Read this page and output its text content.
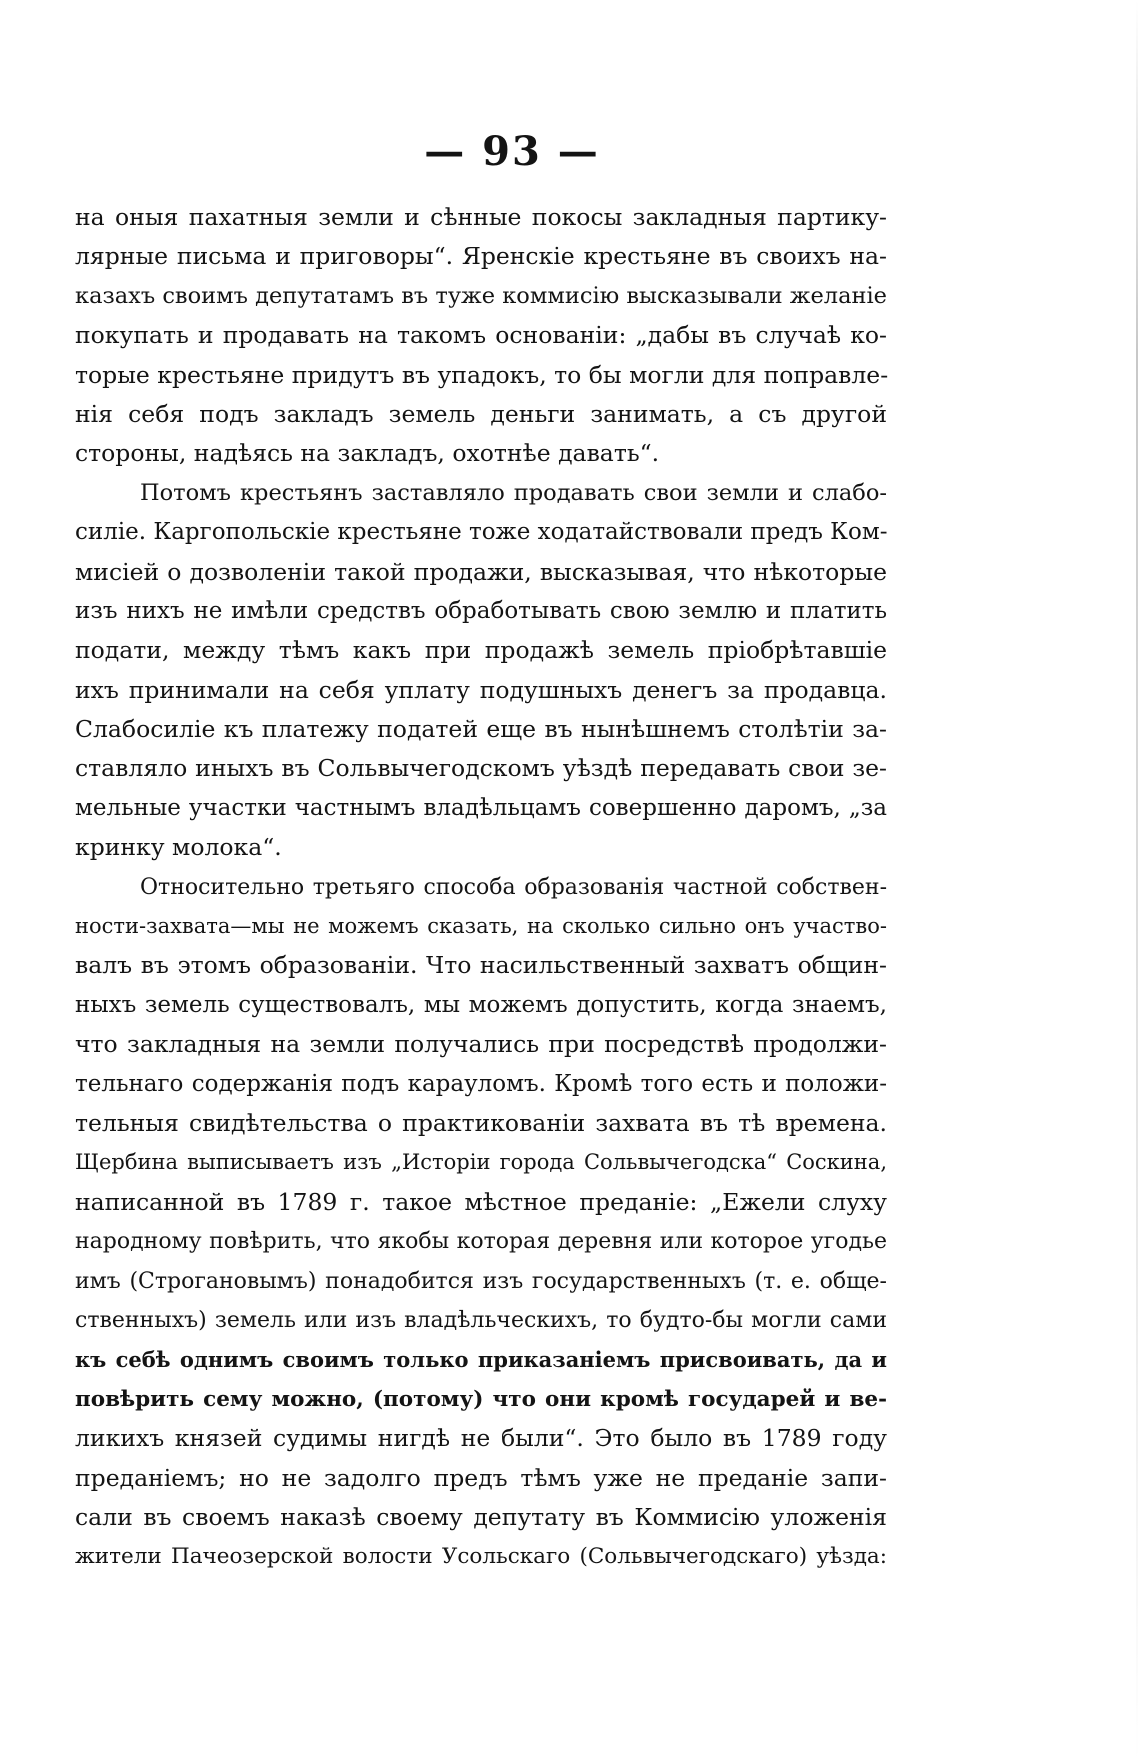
— 93 —
на оныя пахатныя земли и сѣнные покосы закладныя партику-
лярные письма и приговоры“. Яренскіе крестьяне въ своихъ на-
казахъ своимъ депутатамъ въ туже коммисію высказывали желаніе
покупать и продавать на такомъ основаніи: „дабы въ случаѣ ко-
торые крестьяне придутъ въ упадокъ, то бы могли для поправле-
нія себя подъ закладъ земель деньги занимать, а съ другой
стороны, надѣясь на закладъ, охотнѣе давать“.
Потомъ крестьянъ заставляло продавать свои земли и слабо-
силіе. Каргопольскіе крестьяне тоже ходатайствовали предъ Ком-
мисіей о дозволеніи такой продажи, высказывая, что нѣкоторые
изъ нихъ не имѣли средствъ обработывать свою землю и платить
подати, между тѣмъ какъ при продажѣ земель пріобрѣтавшіе
ихъ принимали на себя уплату подушныхъ денегъ за продавца.
Слабосиліе къ платежу податей еще въ нынѣшнемъ столѣтіи за-
ставляло иныхъ въ Сольвычегодскомъ уѣздѣ передавать свои зе-
мельные участки частнымъ владѣльцамъ совершенно даромъ, „за
кринку молока“.
Относительно третьяго способа образованія частной собствен-
ности-захвата—мы не можемъ сказать, на сколько сильно онъ участво-
валъ въ этомъ образованіи. Что насильственный захватъ общин-
ныхъ земель существовалъ, мы можемъ допустить, когда знаемъ,
что закладныя на земли получались при посредствѣ продолжи-
тельнаго содержанія подъ карауломъ. Кромѣ того есть и положи-
тельныя свидѣтельства о практикованіи захвата въ тѣ времена.
Щербина выписываетъ изъ „Исторіи города Сольвычегодска“ Соскина,
написанной въ 1789 г. такое мѣстное преданіе: „Ежели слуху
народному повѣрить, что якобы которая деревня или которое угодье
имъ (Строгановымъ) понадобится изъ государственныхъ (т. е. обще-
ственныхъ) земель или изъ владѣльческихъ, то будто-бы могли сами
къ себѣ однимъ своимъ только приказаніемъ присвоивать, да и
повѣрить сему можно, (потому) что они кромѣ государей и ве-
ликихъ князей судимы нигдѣ не были“. Это было въ 1789 году
преданіемъ; но не задолго предъ тѣмъ уже не преданіе запи-
сали въ своемъ наказѣ своему депутату въ Коммисію уложенія
жители Пачеозерской волости Усольскаго (Сольвычегодскаго) уѣзда:
